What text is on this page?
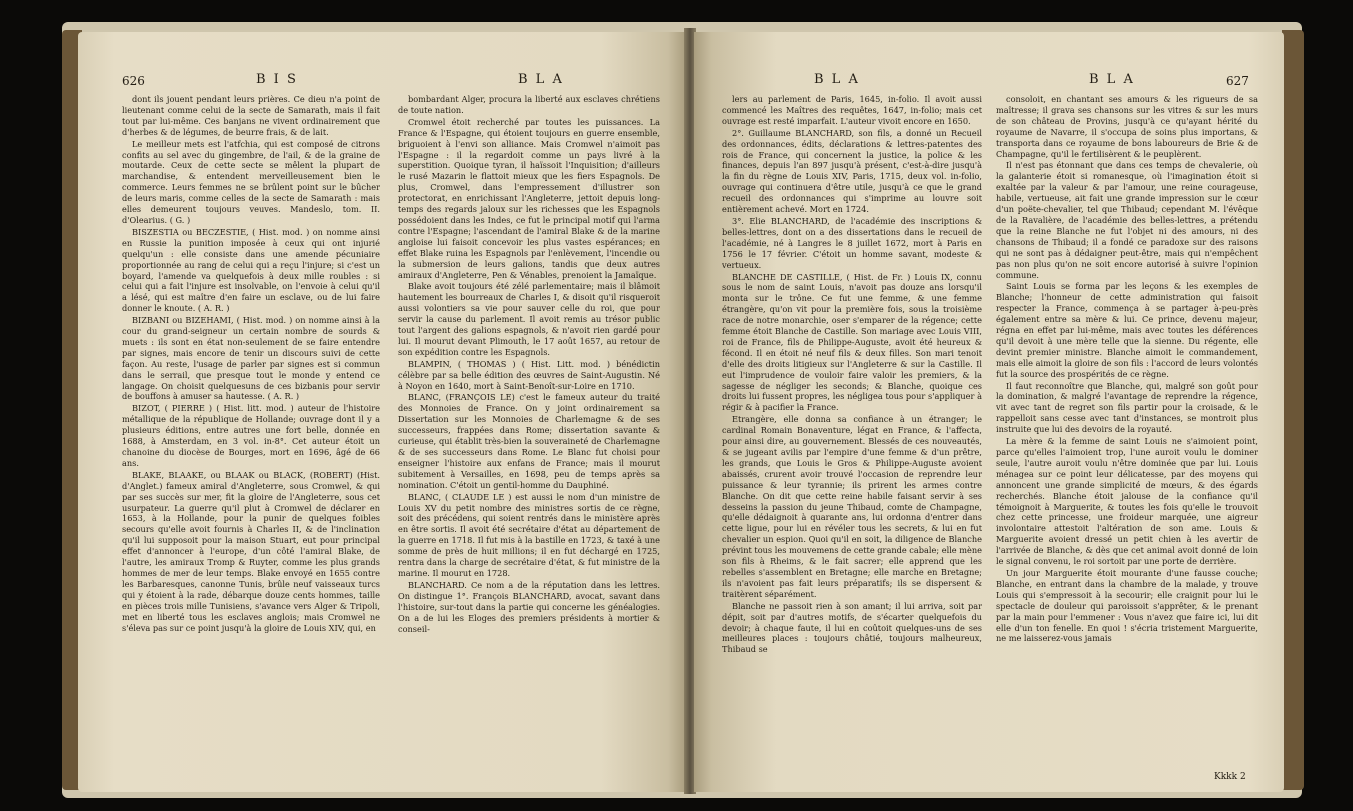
626	B I S	B L A

dont ils jouent pendant leurs prières. Ce dieu n'a point de lieutenant comme celui de la secte de Samarath, mais il fait tout par lui-même. Ces banjans ne vivent ordinairement que d'herbes & de légumes, de beurre frais, & de lait.

Le meilleur mets est l'atfchia, qui est composé de citrons confits au sel avec du gingembre, de l'ail, & de la graine de moutarde. Ceux de cette secte se mêlent la plupart de marchandise, & entendent merveilleusement bien le commerce. Leurs femmes ne se brûlent point sur le bûcher de leurs maris, comme celles de la secte de Samarath : mais elles demeurent toujours veuves. Mandeslo, tom. II. d'Olearius. ( G. )

BISZESTIA ou BECZESTIE, ( Hist. mod. ) on nomme ainsi en Russie la punition imposée à ceux qui ont injurié quelqu'un : elle consiste dans une amende pécuniaire proportionnée au rang de celui qui a reçu l'injure; si c'est un boyard, l'amende va quelquefois à deux mille roubles : si celui qui a fait l'injure est insolvable, on l'envoie à celui qu'il a lésé, qui est maître d'en faire un esclave, ou de lui faire donner le knoute. ( A. R. )

BIZBANI ou BIZEHAMI, ( Hist. mod. ) on nomme ainsi à la cour du grand-seigneur un certain nombre de sourds & muets : ils sont en état non-seulement de se faire entendre par signes, mais encore de tenir un discours suivi de cette façon. Au reste, l'usage de parler par signes est si commun dans le serrail, que presque tout le monde y entend ce langage. On choisit quelquesuns de ces bizbanis pour servir de bouffons à amuser sa hautesse. ( A. R. )

BIZOT, ( PIERRE ) ( Hist. litt. mod. ) auteur de l'histoire métallique de la république de Hollande; ouvrage dont il y a plusieurs éditions, entre autres une fort belle, donnée en 1688, à Amsterdam, en 3 vol. in-8°. Cet auteur étoit un chanoine du diocèse de Bourges, mort en 1696, âgé de 66 ans.

BLAKE, BLAAKE, ou BLAAK ou BLACK, (ROBERT) (Hist. d'Anglet.) fameux amiral d'Angleterre, sous Cromwel, & qui par ses succès sur mer, fit la gloire de l'Angleterre, sous cet usurpateur. La guerre qu'il plut à Cromwel de déclarer en 1653, à la Hollande, pour la punir de quelques foibles secours qu'elle avoit fournis à Charles II, & de l'inclination qu'il lui supposoit pour la maison Stuart, eut pour principal effet d'annoncer à l'europe, d'un côté l'amiral Blake, de l'autre, les amiraux Tromp & Ruyter, comme les plus grands hommes de mer de leur temps. Blake envoyé en 1655 contre les Barbaresques, canonne Tunis, brûle neuf vaisseaux turcs qui y étoient à la rade, débarque douze cents hommes, taille en pièces trois mille Tunisiens, s'avance vers Alger & Tripoli, met en liberté tous les esclaves anglois; mais Cromwel ne s'éleva pas sur ce point jusqu'à la gloire de Louis XIV, qui, en

bombardant Alger, procura la liberté aux esclaves chrétiens de toute nation.

Cromwel étoit recherché par toutes les puissances. La France & l'Espagne, qui étoient toujours en guerre ensemble, briguoient à l'envi son alliance. Mais Cromwel n'aimoit pas l'Espagne : il la regardoit comme un pays livré à la superstition. Quoique tyran, il haïssoit l'Inquisition; d'ailleurs le rusé Mazarin le flattoit mieux que les fiers Espagnols. De plus, Cromwel, dans l'empressement d'illustrer son protectorat, en enrichissant l'Angleterre, jettoit depuis long-temps des regards jaloux sur les richesses que les Espagnols possédoient dans les Indes, ce fut le principal motif qui l'arma contre l'Espagne; l'ascendant de l'amiral Blake & de la marine angloise lui faisoit concevoir les plus vastes espérances; en effet Blake ruina les Espagnols par l'enlèvement, l'incendie ou la submersion de leurs galions, tandis que deux autres amiraux d'Angleterre, Pen & Vénables, prenoient la Jamaïque.

Blake avoit toujours été zélé parlementaire; mais il blâmoit hautement les bourreaux de Charles I, & disoit qu'il risqueroit aussi volontiers sa vie pour sauver celle du roi, que pour servir la cause du parlement. Il avoit remis au trésor public tout l'argent des galions espagnols, & n'avoit rien gardé pour lui. Il mourut devant Plimouth, le 17 août 1657, au retour de son expédition contre les Espagnols.

BLAMPIN, ( THOMAS ) ( Hist. Litt. mod. ) bénédictin célèbre par sa belle édition des œuvres de Saint-Augustin. Né à Noyon en 1640, mort à Saint-Benoît-sur-Loire en 1710.

BLANC, (FRANÇOIS LE) c'est le fameux auteur du traité des Monnoies de France. On y joint ordinairement sa Dissertation sur les Monnoies de Charlemagne & de ses successeurs, frappées dans Rome; dissertation savante & curieuse, qui établit très-bien la souveraineté de Charlemagne & de ses successeurs dans Rome. Le Blanc fut choisi pour enseigner l'histoire aux enfans de France; mais il mourut subitement à Versailles, en 1698, peu de temps après sa nomination. C'étoit un gentil-homme du Dauphiné.

BLANC, ( CLAUDE LE ) est aussi le nom d'un ministre de Louis XV du petit nombre des ministres sortis de ce règne, soit des précédens, qui soient rentrés dans le ministère après en être sortis. Il avoit été secrétaire d'état au département de la guerre en 1718. Il fut mis à la bastille en 1723, & taxé à une somme de près de huit millions; il en fut déchargé en 1725, rentra dans la charge de secrétaire d'état, & fut ministre de la marine. Il mourut en 1728.

BLANCHARD. Ce nom a de la réputation dans les lettres. On distingue 1°. François BLANCHARD, avocat, savant dans l'histoire, sur-tout dans la partie qui concerne les généalogies. On a de lui les Eloges des premiers présidents à mortier & conseil-

B L A	B L A	627

lers au parlement de Paris, 1645, in-folio. Il avoit aussi commencé les Maîtres des requêtes, 1647, in-folio; mais cet ouvrage est resté imparfait. L'auteur vivoit encore en 1650.

2°. Guillaume BLANCHARD, son fils, a donné un Recueil des ordonnances, édits, déclarations & lettres-patentes des rois de France, qui concernent la justice, la police & les finances, depuis l'an 897 jusqu'à présent, c'est-à-dire jusqu'à la fin du règne de Louis XIV, Paris, 1715, deux vol. in-folio, ouvrage qui continuera d'être utile, jusqu'à ce que le grand recueil des ordonnances qui s'imprime au louvre soit entièrement achevé. Mort en 1724.

3°. Elie BLANCHARD, de l'académie des inscriptions & belles-lettres, dont on a des dissertations dans le recueil de l'académie, né à Langres le 8 juillet 1672, mort à Paris en 1756 le 17 février. C'étoit un homme savant, modeste & vertueux.

BLANCHE DE CASTILLE, ( Hist. de Fr. ) Louis IX, connu sous le nom de saint Louis, n'avoit pas douze ans lorsqu'il monta sur le trône. Ce fut une femme, & une femme étrangère, qu'on vit pour la première fois, sous la troisième race de notre monarchie, oser s'emparer de la régence; cette femme étoit Blanche de Castille. Son mariage avec Louis VIII, roi de France, fils de Philippe-Auguste, avoit été heureux & fécond. Il en étoit né neuf fils & deux filles. Son mari tenoit d'elle des droits litigieux sur l'Angleterre & sur la Castille. Il eut l'imprudence de vouloir faire valoir les premiers, & la sagesse de négliger les seconds; & Blanche, quoique ces droits lui fussent propres, les négligea tous pour s'appliquer à régir & à pacifier la France.

Etrangère, elle donna sa confiance à un étranger; le cardinal Romain Bonaventure, légat en France, & l'affecta, pour ainsi dire, au gouvernement. Blessés de ces nouveautés, & se jugeant avilis par l'empire d'une femme & d'un prêtre, les grands, que Louis le Gros & Philippe-Auguste avoient abaissés, crurent avoir trouvé l'occasion de reprendre leur puissance & leur tyrannie; ils prirent les armes contre Blanche. On dit que cette reine habile faisant servir à ses desseins la passion du jeune Thibaud, comte de Champagne, qu'elle dédaignoit à quarante ans, lui ordonna d'entrer dans cette ligue, pour lui en révéler tous les secrets, & lui en fut chevalier un espion. Quoi qu'il en soit, la diligence de Blanche prévint tous les mouvemens de cette grande cabale; elle mène son fils à Rheims, & le fait sacrer; elle apprend que les rebelles s'assemblent en Bretagne; elle marche en Bretagne; ils n'avoient pas fait leurs préparatifs; ils se dispersent & traitèrent séparément.

Blanche ne passoit rien à son amant; il lui arriva, soit par dépit, soit par d'autres motifs, de s'écarter quelquefois du devoir; à chaque faute, il lui en coûtoit quelques-uns de ses meilleures places : toujours châtié, toujours malheureux, Thibaud se

consoloit, en chantant ses amours & les rigueurs de sa maîtresse; il grava ses chansons sur les vitres & sur les murs de son château de Provins, jusqu'à ce qu'ayant hérité du royaume de Navarre, il s'occupa de soins plus importans, & transporta dans ce royaume de bons laboureurs de Brie & de Champagne, qu'il le fertilisèrent & le peuplèrent.

Il n'est pas étonnant que dans ces temps de chevalerie, où la galanterie étoit si romanesque, où l'imagination étoit si exaltée par la valeur & par l'amour, une reine courageuse, habile, vertueuse, ait fait une grande impression sur le cœur d'un poëte-chevalier, tel que Thibaud; cependant M. l'évêque de la Ravalière, de l'académie des belles-lettres, a prétendu que la reine Blanche ne fut l'objet ni des amours, ni des chansons de Thibaud; il a fondé ce paradoxe sur des raisons qui ne sont pas à dédaigner peut-être, mais qui n'empêchent pas non plus qu'on ne soit encore autorisé à suivre l'opinion commune.

Saint Louis se forma par les leçons & les exemples de Blanche; l'honneur de cette administration qui faisoit respecter la France, commença à se partager à-peu-près également entre sa mère & lui. Ce prince, devenu majeur, régna en effet par lui-même, mais avec toutes les déférences qu'il devoit à une mère telle que la sienne. Du régente, elle devint premier ministre. Blanche aimoit le commandement, mais elle aimoit la gloire de son fils : l'accord de leurs volontés fut la source des prospérités de ce règne.

Il faut reconnoître que Blanche, qui, malgré son goût pour la domination, & malgré l'avantage de reprendre la régence, vit avec tant de regret son fils partir pour la croisade, & le rappelloit sans cesse avec tant d'instances, se montroit plus instruite que lui des devoirs de la royauté.

La mère & la femme de saint Louis ne s'aimoient point, parce qu'elles l'aimoient trop, l'une auroit voulu le dominer seule, l'autre auroit voulu n'être dominée que par lui. Louis ménagea sur ce point leur délicatesse, par des moyens qui annoncent une grande simplicité de mœurs, & des égards recherchés. Blanche étoit jalouse de la confiance qu'il témoignoit à Marguerite, & toutes les fois qu'elle le trouvoit chez cette princesse, une froideur marquée, une aigreur involontaire attestoit l'altération de son ame. Louis & Marguerite avoient dressé un petit chien à les avertir de l'arrivée de Blanche, & dès que cet animal avoit donné de loin le signal convenu, le roi sortoit par une porte de derrière.

Un jour Marguerite étoit mourante d'une fausse couche; Blanche, en entrant dans la chambre de la malade, y trouve Louis qui s'empressoit à la secourir; elle craignit pour lui le spectacle de douleur qui paroissoit s'apprêter, & le prenant par la main pour l'emmener : Vous n'avez que faire ici, lui dit elle d'un ton fenelle. En quoi ! s'écria tristement Marguerite, ne me laisserez-vous jamais

Kkkk 2
